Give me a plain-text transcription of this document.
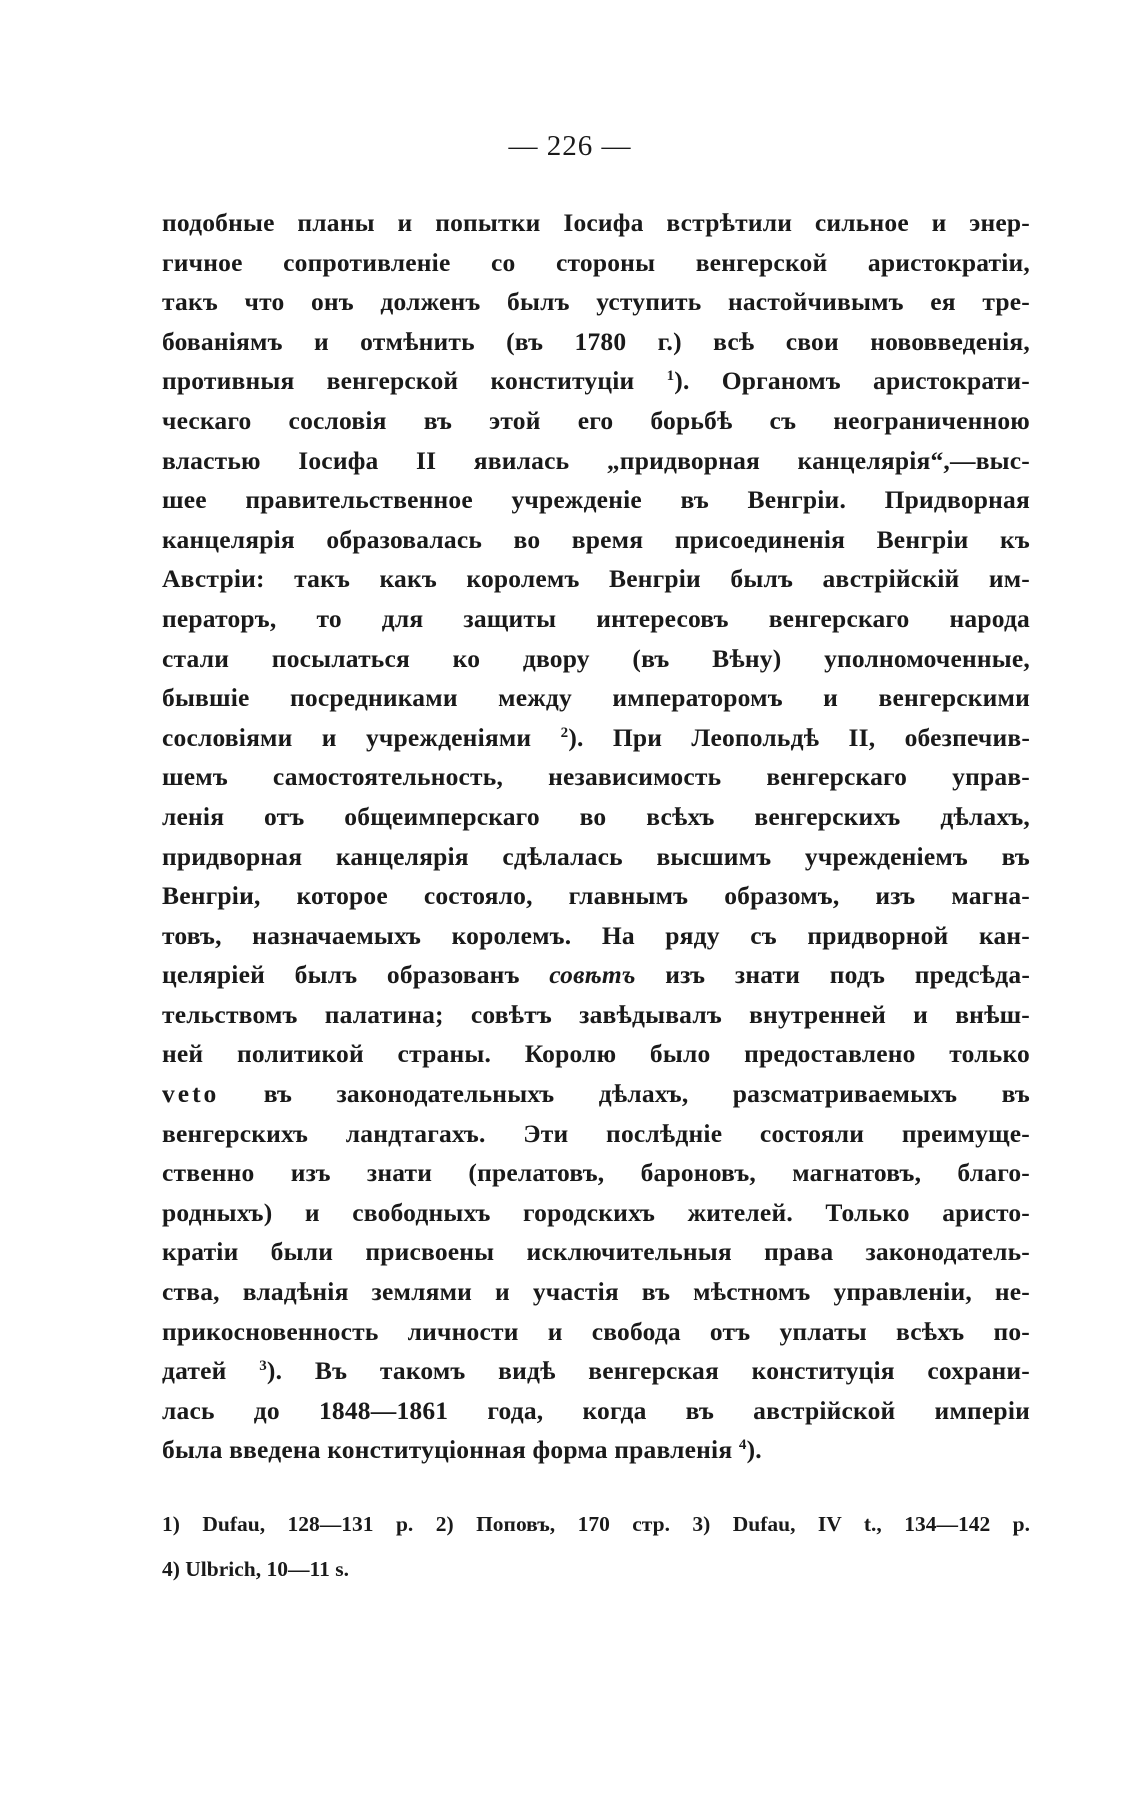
— 226 —
подобные планы и попытки Іосифа встрѣтили сильное и энер-
гичное сопротивленіе со стороны венгерской аристократіи,
такъ что онъ долженъ былъ уступить настойчивымъ ея тре-
бованіямъ и отмѣнить (въ 1780 г.) всѣ свои нововведенія,
противныя венгерской конституціи $^1$). Органомъ аристократи-
ческаго сословія въ этой его борьбѣ съ неограниченною
властью Іосифа II явилась „придворная канцелярія“,—выс-
шее правительственное учрежденіе въ Венгріи. Придворная
канцелярія образовалась во время присоединенія Венгріи къ
Австріи: такъ какъ королемъ Венгріи былъ австрійскій им-
ператоръ, то для защиты интересовъ венгерскаго народа
стали посылаться ко двору (въ Вѣну) уполномоченные,
бывшіе посредниками между императоромъ и венгерскими
сословіями и учрежденіями $^2$). При Леопольдѣ II, обезпечив-
шемъ самостоятельность, независимость венгерскаго управ-
ленія отъ общеимперскаго во всѣхъ венгерскихъ дѣлахъ,
придворная канцелярія сдѣлалась высшимъ учрежденіемъ въ
Венгріи, которое состояло, главнымъ образомъ, изъ магна-
товъ, назначаемыхъ королемъ. На ряду съ придворной кан-
целяріей былъ образованъ совѣтъ изъ знати подъ предсѣда-
тельствомъ палатина; совѣтъ завѣдывалъ внутренней и внѣш-
ней политикой страны. Королю было предоставлено только
veto въ законодательныхъ дѣлахъ, разсматриваемыхъ въ
венгерскихъ ландтагахъ. Эти послѣдніе состояли преимуще-
ственно изъ знати (прелатовъ, бароновъ, магнатовъ, благо-
родныхъ) и свободныхъ городскихъ жителей. Только аристо-
кратіи были присвоены исключительныя права законодатель-
ства, владѣнія землями и участія въ мѣстномъ управленіи, не-
прикосновенность личности и свобода отъ уплаты всѣхъ по-
датей $^3$). Въ такомъ видѣ венгерская конституція сохрани-
лась до 1848—1861 года, когда въ австрійской имперіи
была введена конституціонная форма правленія $^4$).
1) Dufau, 128—131 p. 2) Поповъ, 170 стр. 3) Dufau, IV t., 134—142 p.
4) Ulbrich, 10—11 s.
